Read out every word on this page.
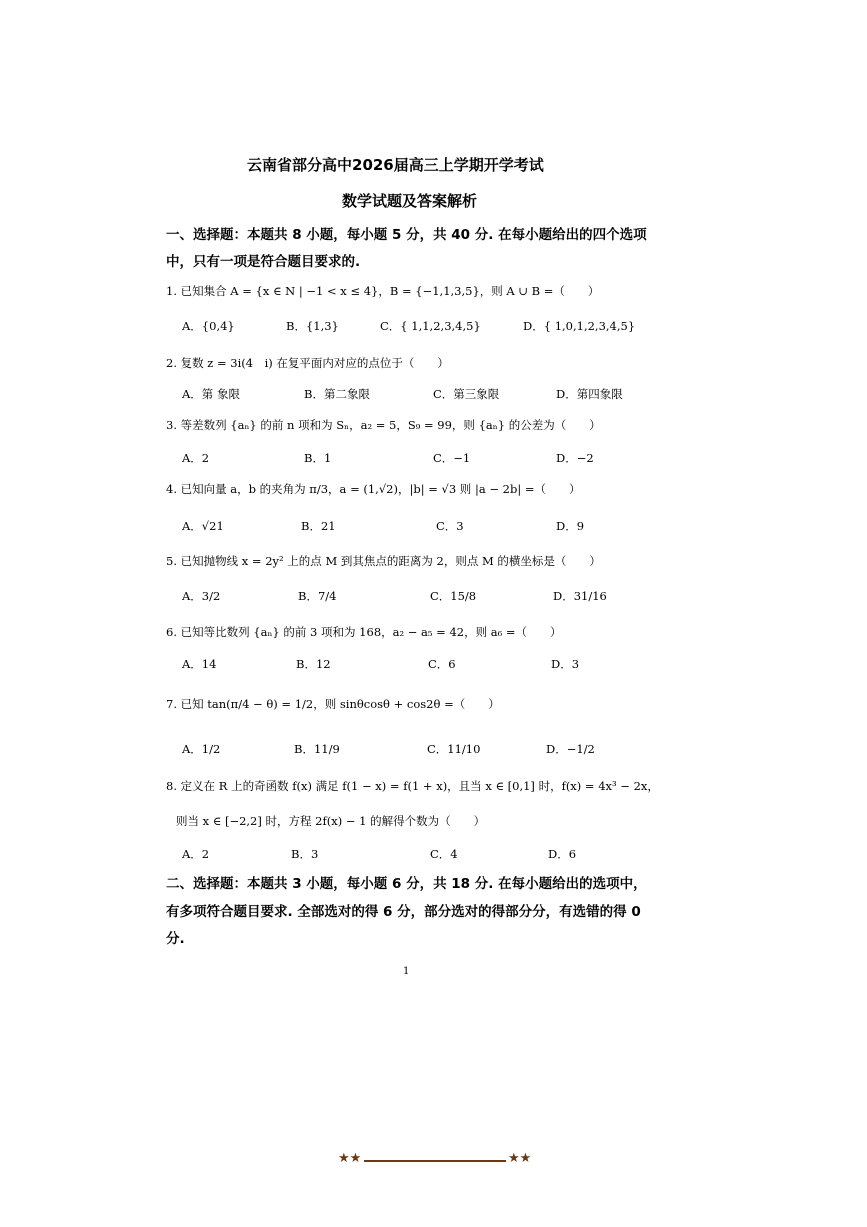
云南省部分高中2026届高三上学期开学考试
数学试题及答案解析
一、选择题：本题共 8 小题，每小题 5 分，共 40 分. 在每小题给出的四个选项
中，只有一项是符合题目要求的.
1. 已知集合 A = {x ∈ N | −1 < x ≤ 4}，B = {−1,1,3,5}，则 A ∪ B =（　　）
A．{0,4}	B．{1,3}	C．{ 1,1,2,3,4,5}	D．{ 1,0,1,2,3,4,5}
2. 复数 z = 3i(4　i) 在复平面内对应的点位于（　　）
A．第 象限	B．第二象限	C．第三象限	D．第四象限
3. 等差数列 {aₙ} 的前 n 项和为 Sₙ，a₂ = 5，S₉ = 99，则 {aₙ} 的公差为（　　）
A．2	B．1	C．−1	D．−2
4. 已知向量 a，b 的夹角为 π/3，a = (1,√2)，|b| = √3 则 |a − 2b| =（　　）
A．√21	B．21	C．3	D．9
5. 已知抛物线 x = 2y² 上的点 M 到其焦点的距离为 2，则点 M 的横坐标是（　　）
A．3/2	B．7/4	C．15/8	D．31/16
6. 已知等比数列 {aₙ} 的前 3 项和为 168，a₂ − a₅ = 42，则 a₆ =（　　）
A．14	B．12	C．6	D．3
7. 已知 tan(π/4 − θ) = 1/2，则 sinθcosθ + cos2θ =（　　）
A．1/2	B．11/9	C．11/10	D．−1/2
8. 定义在 R 上的奇函数 f(x) 满足 f(1 − x) = f(1 + x)，且当 x ∈ [0,1] 时，f(x) = 4x³ − 2x，
则当 x ∈ [−2,2] 时，方程 2f(x) − 1 的解得个数为（　　）
A．2	B．3	C．4	D．6
二、选择题：本题共 3 小题，每小题 6 分，共 18 分. 在每小题给出的选项中，
有多项符合题目要求. 全部选对的得 6 分，部分选对的得部分分，有选错的得 0
分.
1
★★	★★
